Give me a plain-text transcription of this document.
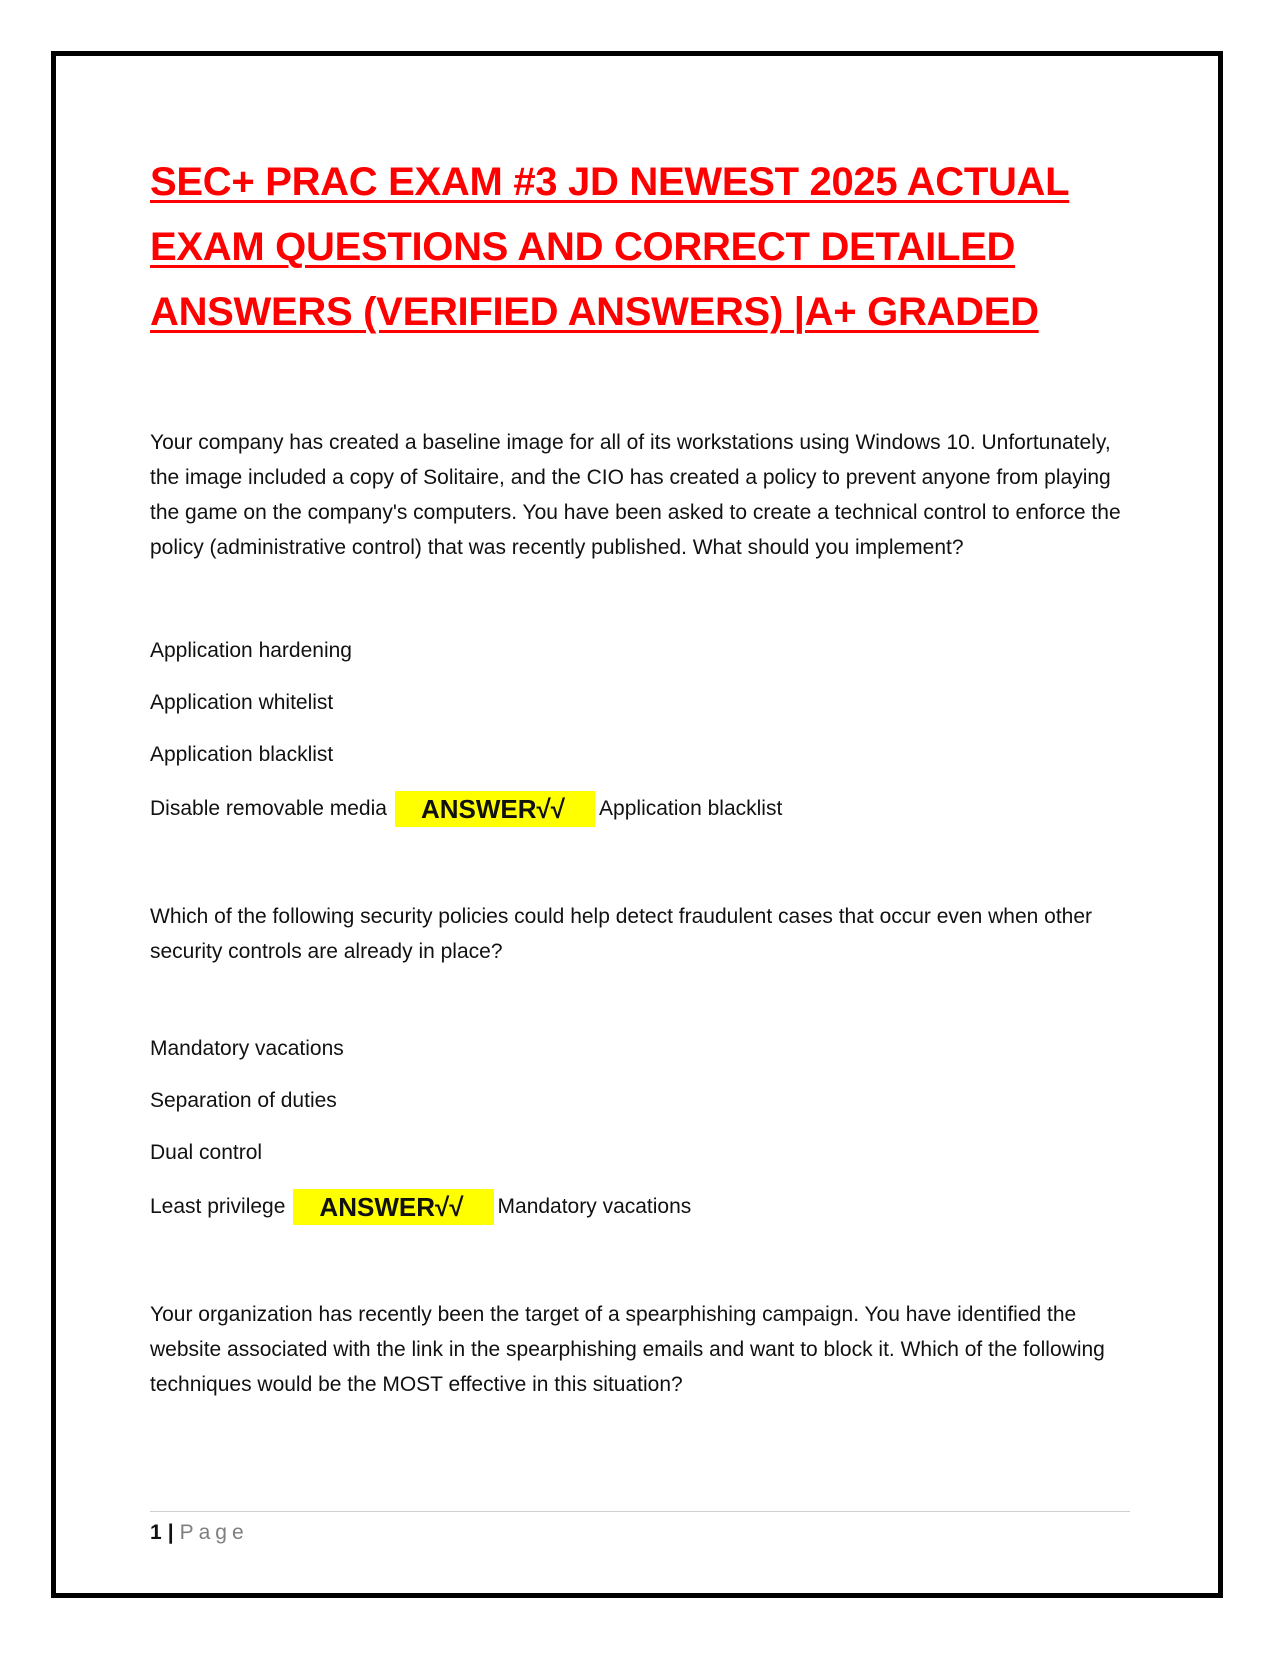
SEC+ PRAC EXAM #3 JD NEWEST 2025 ACTUAL EXAM QUESTIONS AND CORRECT DETAILED ANSWERS (VERIFIED ANSWERS) |A+ GRADED

Your company has created a baseline image for all of its workstations using Windows 10. Unfortunately, the image included a copy of Solitaire, and the CIO has created a policy to prevent anyone from playing the game on the company's computers. You have been asked to create a technical control to enforce the policy (administrative control) that was recently published. What should you implement?

Application hardening

Application whitelist

Application blacklist

Disable removable media	ANSWER√√	Application blacklist

Which of the following security policies could help detect fraudulent cases that occur even when other security controls are already in place?

Mandatory vacations

Separation of duties

Dual control

Least privilege	ANSWER√√	Mandatory vacations

Your organization has recently been the target of a spearphishing campaign. You have identified the website associated with the link in the spearphishing emails and want to block it. Which of the following techniques would be the MOST effective in this situation?

1 | Page
